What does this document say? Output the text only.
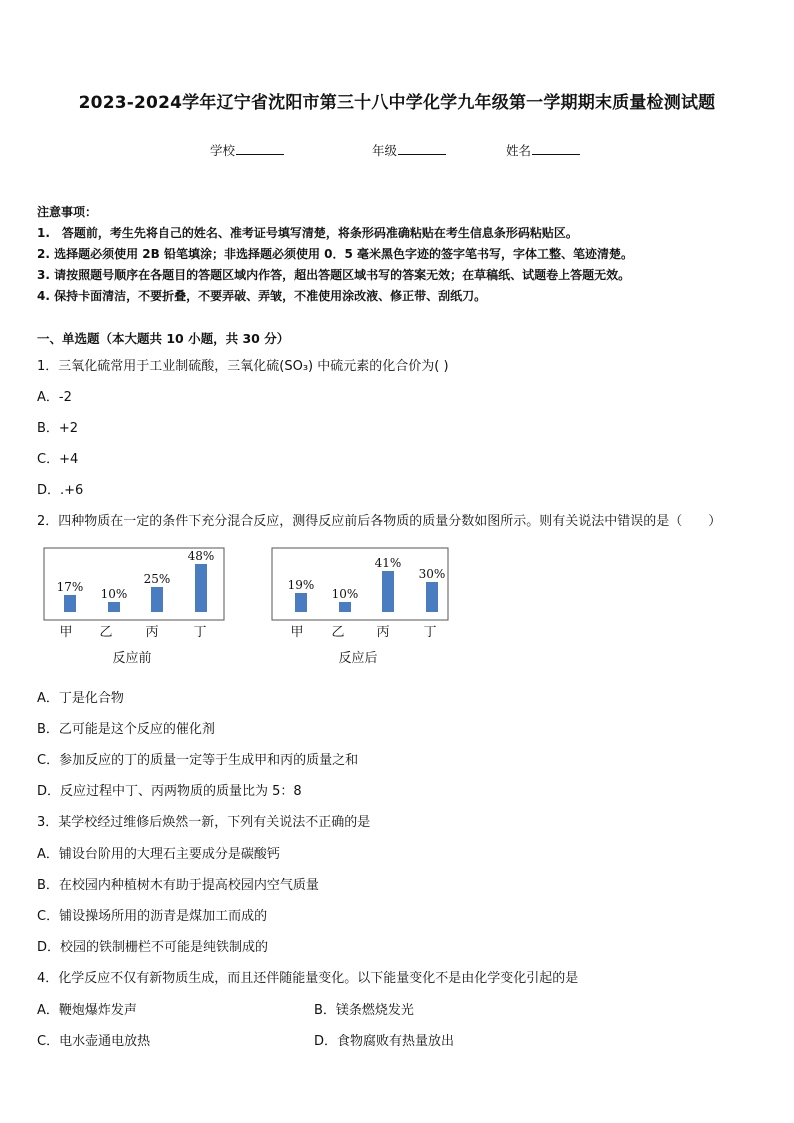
2023-2024学年辽宁省沈阳市第三十八中学化学九年级第一学期期末质量检测试题
学校	年级	姓名
注意事项：
1.　答题前，考生先将自己的姓名、准考证号填写清楚，将条形码准确粘贴在考生信息条形码粘贴区。
2. 选择题必须使用 2B 铅笔填涂；非选择题必须使用 0．5 毫米黑色字迹的签字笔书写，字体工整、笔迹清楚。
3. 请按照题号顺序在各题目的答题区域内作答，超出答题区域书写的答案无效；在草稿纸、试题卷上答题无效。
4. 保持卡面清洁，不要折叠，不要弄破、弄皱，不准使用涂改液、修正带、刮纸刀。
一、单选题（本大题共 10 小题，共 30 分）
1．三氧化硫常用于工业制硫酸，三氧化硫(SO₃) 中硫元素的化合价为( )
A．-2
B．+2
C．+4
D．.+6
2．四种物质在一定的条件下充分混合反应，测得反应前后各物质的质量分数如图所示。则有关说法中错误的是（　　）
17% 10%
25%
48%
甲 乙	丙	丁
反应前
19%
10%
41%
30%
甲 乙 丙	丁
反应后
A．丁是化合物
B．乙可能是这个反应的催化剂
C．参加反应的丁的质量一定等于生成甲和丙的质量之和
D．反应过程中丁、丙两物质的质量比为 5：8
3．某学校经过维修后焕然一新，下列有关说法不正确的是
A．铺设台阶用的大理石主要成分是碳酸钙
B．在校园内种植树木有助于提高校园内空气质量
C．铺设操场所用的沥青是煤加工而成的
D．校园的铁制栅栏不可能是纯铁制成的
4．化学反应不仅有新物质生成，而且还伴随能量变化。以下能量变化不是由化学变化引起的是
A．鞭炮爆炸发声	B．镁条燃烧发光
C．电水壶通电放热	D．食物腐败有热量放出
